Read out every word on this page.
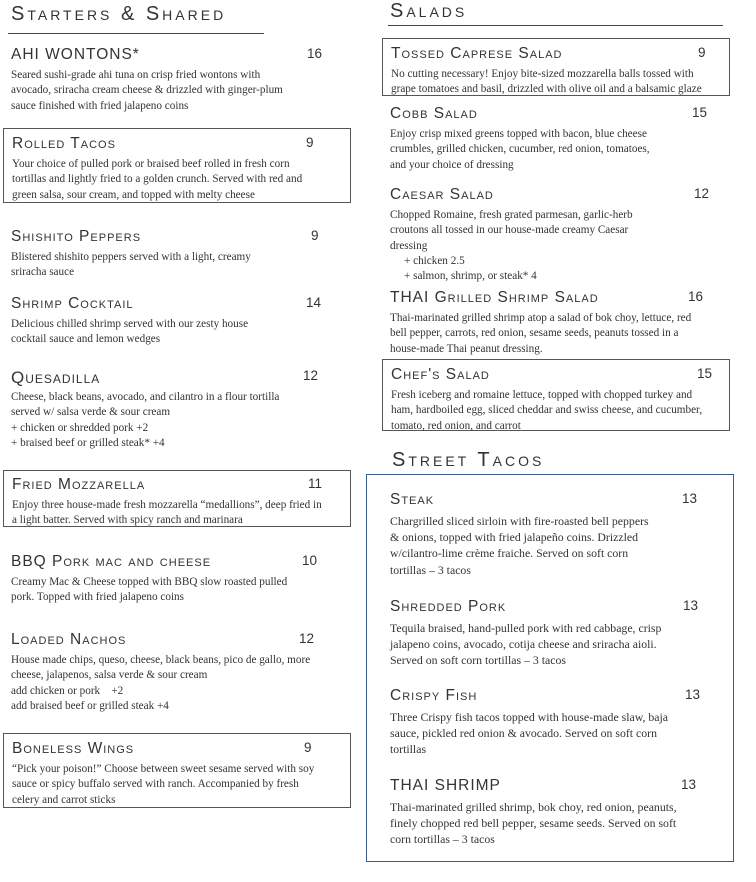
Starters & Shared	Salads
Street Tacos
AHI WONTONS*	16
Seared sushi-grade ahi tuna on crisp fried wontons with
avocado, sriracha cream cheese & drizzled with ginger-plum
sauce finished with fried jalapeno coins
Rolled Tacos	9
Your choice of pulled pork or braised beef rolled in fresh corn
tortillas and lightly fried to a golden crunch. Served with red and
green salsa, sour cream, and topped with melty cheese
Shishito Peppers	9
Blistered shishito peppers served with a light, creamy
sriracha sauce
Shrimp Cocktail	14
Delicious chilled shrimp served with our zesty house
cocktail sauce and lemon wedges
Quesadilla	12
Cheese, black beans, avocado, and cilantro in a flour tortilla
served w/ salsa verde & sour cream
+ chicken or shredded pork +2
+ braised beef or grilled steak* +4
Fried Mozzarella	11
Enjoy three house-made fresh mozzarella “medallions”, deep fried in
a light batter. Served with spicy ranch and marinara
BBQ Pork mac and cheese	10
Creamy Mac & Cheese topped with BBQ slow roasted pulled
pork. Topped with fried jalapeno coins
Loaded Nachos	12
House made chips, queso, cheese, black beans, pico de gallo, more
cheese, jalapenos, salsa verde & sour cream
add chicken or pork    +2
add braised beef or grilled steak +4
Boneless Wings	9
“Pick your poison!” Choose between sweet sesame served with soy
sauce or spicy buffalo served with ranch. Accompanied by fresh
celery and carrot sticks
Tossed Caprese Salad	9
No cutting necessary! Enjoy bite-sized mozzarella balls tossed with
grape tomatoes and basil, drizzled with olive oil and a balsamic glaze
Cobb Salad	15
Enjoy crisp mixed greens topped with bacon, blue cheese
crumbles, grilled chicken, cucumber, red onion, tomatoes,
and your choice of dressing
Caesar Salad	12
Chopped Romaine, fresh grated parmesan, garlic-herb
croutons all tossed in our house-made creamy Caesar
dressing
+ chicken 2.5
+ salmon, shrimp, or steak* 4
THAI Grilled Shrimp Salad	16
Thai-marinated grilled shrimp atop a salad of bok choy, lettuce, red
bell pepper, carrots, red onion, sesame seeds, peanuts tossed in a
house-made Thai peanut dressing.
Chef's Salad	15
Fresh iceberg and romaine lettuce, topped with chopped turkey and
ham, hardboiled egg, sliced cheddar and swiss cheese, and cucumber,
tomato, red onion, and carrot
Steak	13
Chargrilled sliced sirloin with fire-roasted bell peppers
& onions, topped with fried jalapeño coins. Drizzled
w/cilantro-lime crème fraiche. Served on soft corn
tortillas – 3 tacos
Shredded Pork	13
Tequila braised, hand-pulled pork with red cabbage, crisp
jalapeno coins, avocado, cotija cheese and sriracha aioli.
Served on soft corn tortillas – 3 tacos
Crispy Fish	13
Three Crispy fish tacos topped with house-made slaw, baja
sauce, pickled red onion & avocado. Served on soft corn
tortillas
THAI SHRIMP	13
Thai-marinated grilled shrimp, bok choy, red onion, peanuts,
finely chopped red bell pepper, sesame seeds. Served on soft
corn tortillas – 3 tacos
